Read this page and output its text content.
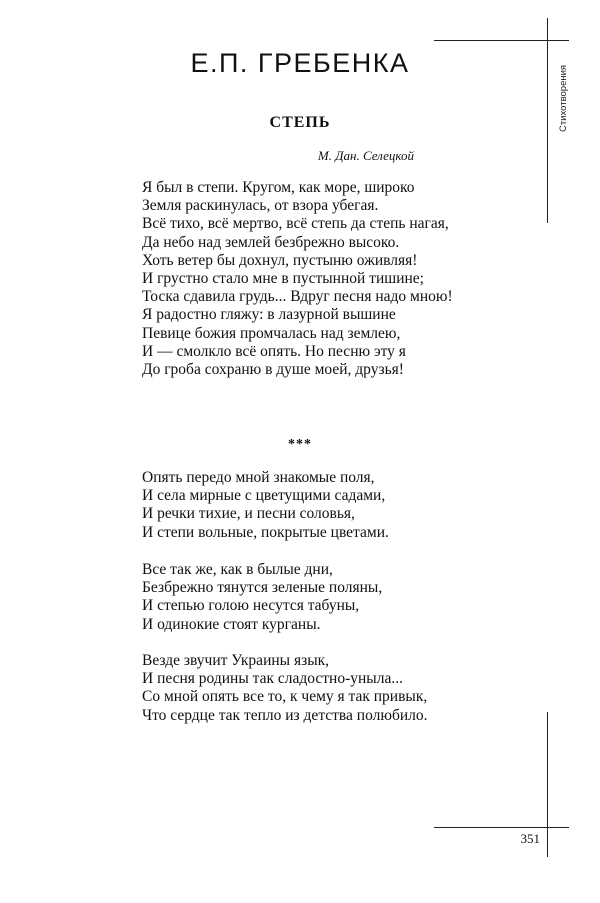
Е.П. ГРЕБЕНКА
Стихотворения
СТЕПЬ
М. Дан. Селецкой
Я был в степи. Кругом, как море, широко
Земля раскинулась, от взора убегая.
Всё тихо, всё мертво, всё степь да степь нагая,
Да небо над землей безбрежно высоко.
Хоть ветер бы дохнул, пустыню оживляя!
И грустно стало мне в пустынной тишине;
Тоска сдавила грудь... Вдруг песня надо мною!
Я радостно гляжу: в лазурной вышине
Певице божия промчалась над землею,
И — смолкло всё опять. Но песню эту я
До гроба сохраню в душе моей, друзья!
***
Опять передо мной знакомые поля,
И села мирные с цветущими садами,
И речки тихие, и песни соловья,
И степи вольные, покрытые цветами.
Все так же, как в былые дни,
Безбрежно тянутся зеленые поляны,
И степью голою несутся табуны,
И одинокие стоят курганы.
Везде звучит Украины язык,
И песня родины так сладостно-уныла...
Со мной опять все то, к чему я так привык,
Что сердце так тепло из детства полюбило.
351
